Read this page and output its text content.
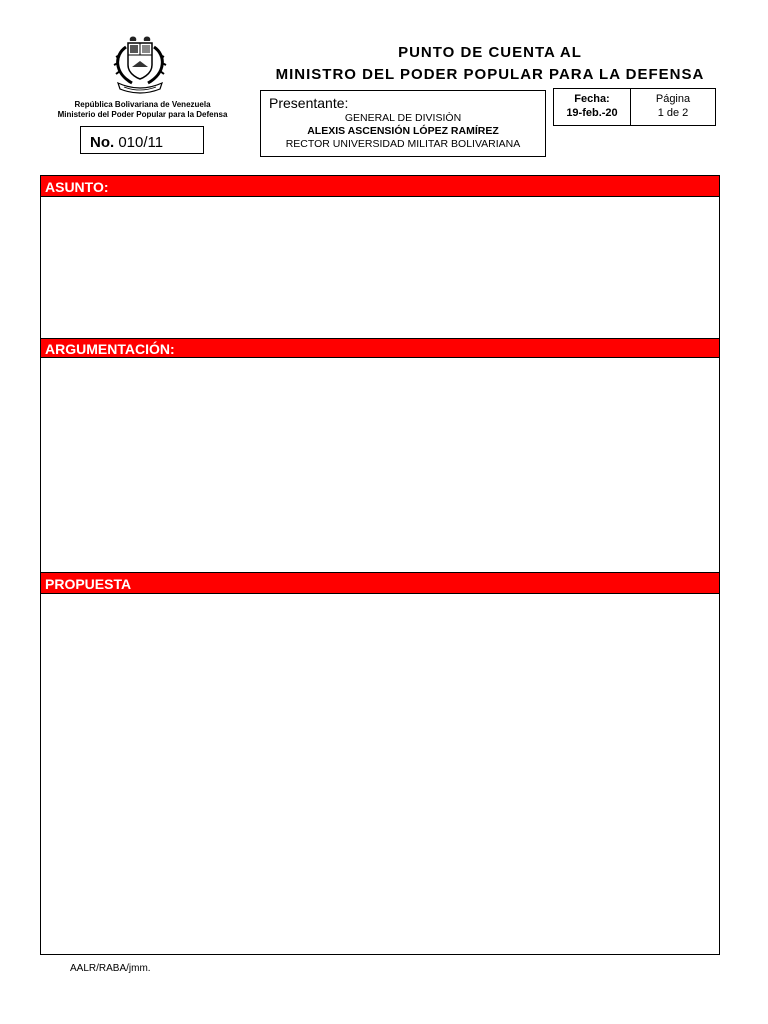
República Bolivariana de Venezuela
Ministerio del Poder Popular para la Defensa
No. 010/11
PUNTO DE CUENTA AL
MINISTRO DEL PODER POPULAR PARA LA DEFENSA
Presentante:
GENERAL DE DIVISIÒN
ALEXIS ASCENSIÓN LÓPEZ RAMÍREZ
RECTOR UNIVERSIDAD MILITAR BOLIVARIANA
Fecha:
19-feb.-20
Página
1 de 2
ASUNTO:
ARGUMENTACIÓN:
PROPUESTA
AALR/RABA/jmm.
